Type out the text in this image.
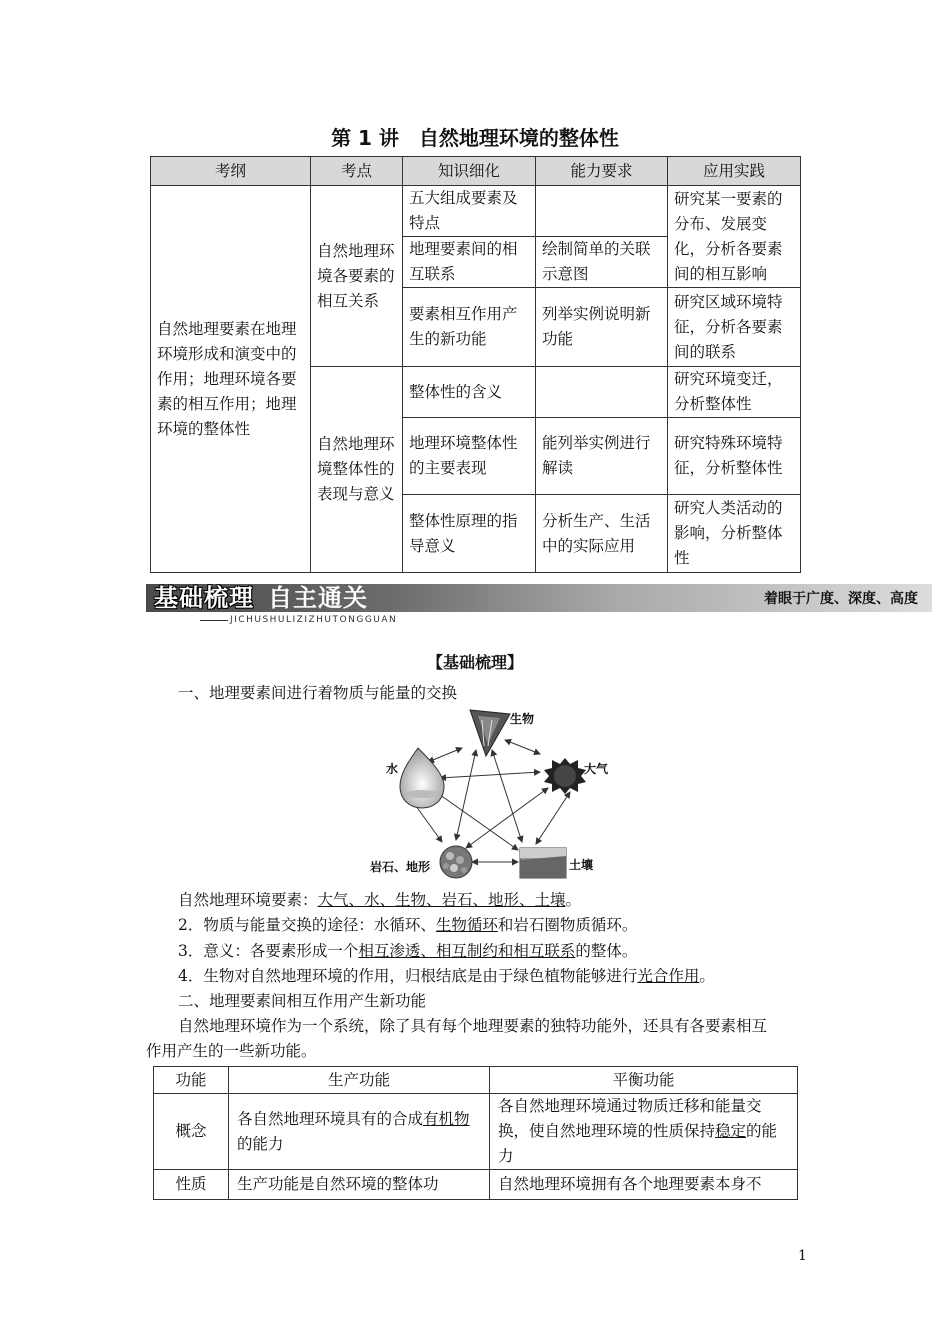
第 1 讲　自然地理环境的整体性
考纲	考点	知识细化	能力要求	应用实践
自然地理要素在地理环境形成和演变中的作用；地理环境各要素的相互作用；地理环境的整体性	自然地理环境各要素的相互关系	五大组成要素及特点		研究某一要素的分布、发展变化，分析各要素间的相互影响
		地理要素间的相互联系	绘制简单的关联示意图	
		要素相互作用产生的新功能	列举实例说明新功能	研究区域环境特征，分析各要素间的联系
	自然地理环境整体性的表现与意义	整体性的含义		研究环境变迁，分析整体性
		地理环境整体性的主要表现	能列举实例进行解读	研究特殊环境特征，分析整体性
		整体性原理的指导意义	分析生产、生活中的实际应用	研究人类活动的影响，分析整体性
基础梳理 自主通关
JICHUSHULIZIZHUTONGGUAN
着眼于广度、深度、高度
【基础梳理】
一、地理要素间进行着物质与能量的交换
生物
水	大气
岩石、地形	土壤
自然地理环境要素：大气、水、生物、岩石、地形、土壤。
2．物质与能量交换的途径：水循环、生物循环和岩石圈物质循环。
3．意义：各要素形成一个相互渗透、相互制约和相互联系的整体。
4．生物对自然地理环境的作用，归根结底是由于绿色植物能够进行光合作用。
二、地理要素间相互作用产生新功能
自然地理环境作为一个系统，除了具有每个地理要素的独特功能外，还具有各要素相互
作用产生的一些新功能。
功能	生产功能	平衡功能
概念	各自然地理环境具有的合成有机物的能力	各自然地理环境通过物质迁移和能量交换，使自然地理环境的性质保持稳定的能力
性质	生产功能是自然环境的整体功	自然地理环境拥有各个地理要素本身不
1
